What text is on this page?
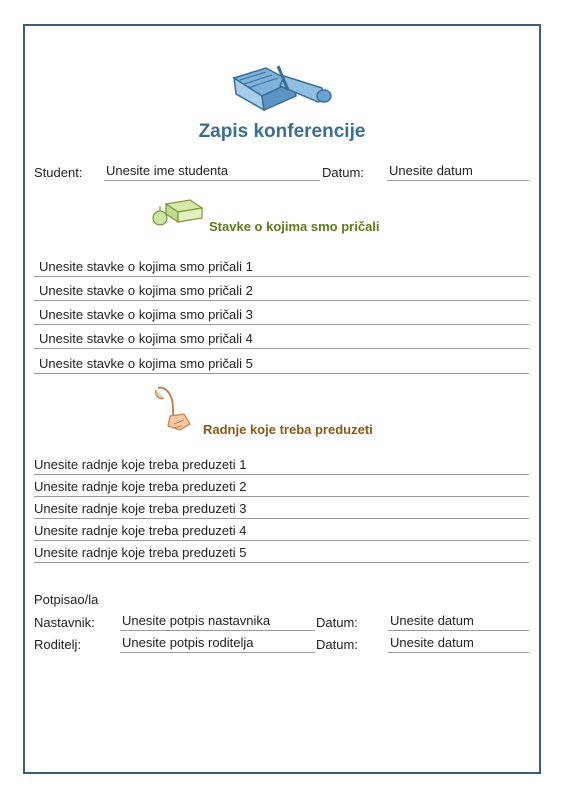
Zapis konferencije
Student: Unesite ime studenta	Datum: Unesite datum
Stavke o kojima smo pričali
Unesite stavke o kojima smo pričali 1
Unesite stavke o kojima smo pričali 2
Unesite stavke o kojima smo pričali 3
Unesite stavke o kojima smo pričali 4
Unesite stavke o kojima smo pričali 5
Radnje koje treba preduzeti
Unesite radnje koje treba preduzeti 1
Unesite radnje koje treba preduzeti 2
Unesite radnje koje treba preduzeti 3
Unesite radnje koje treba preduzeti 4
Unesite radnje koje treba preduzeti 5
Potpisao/la
Nastavnik: Unesite potpis nastavnika	Datum: Unesite datum
Roditelj:	Unesite potpis roditelja	Datum: Unesite datum
